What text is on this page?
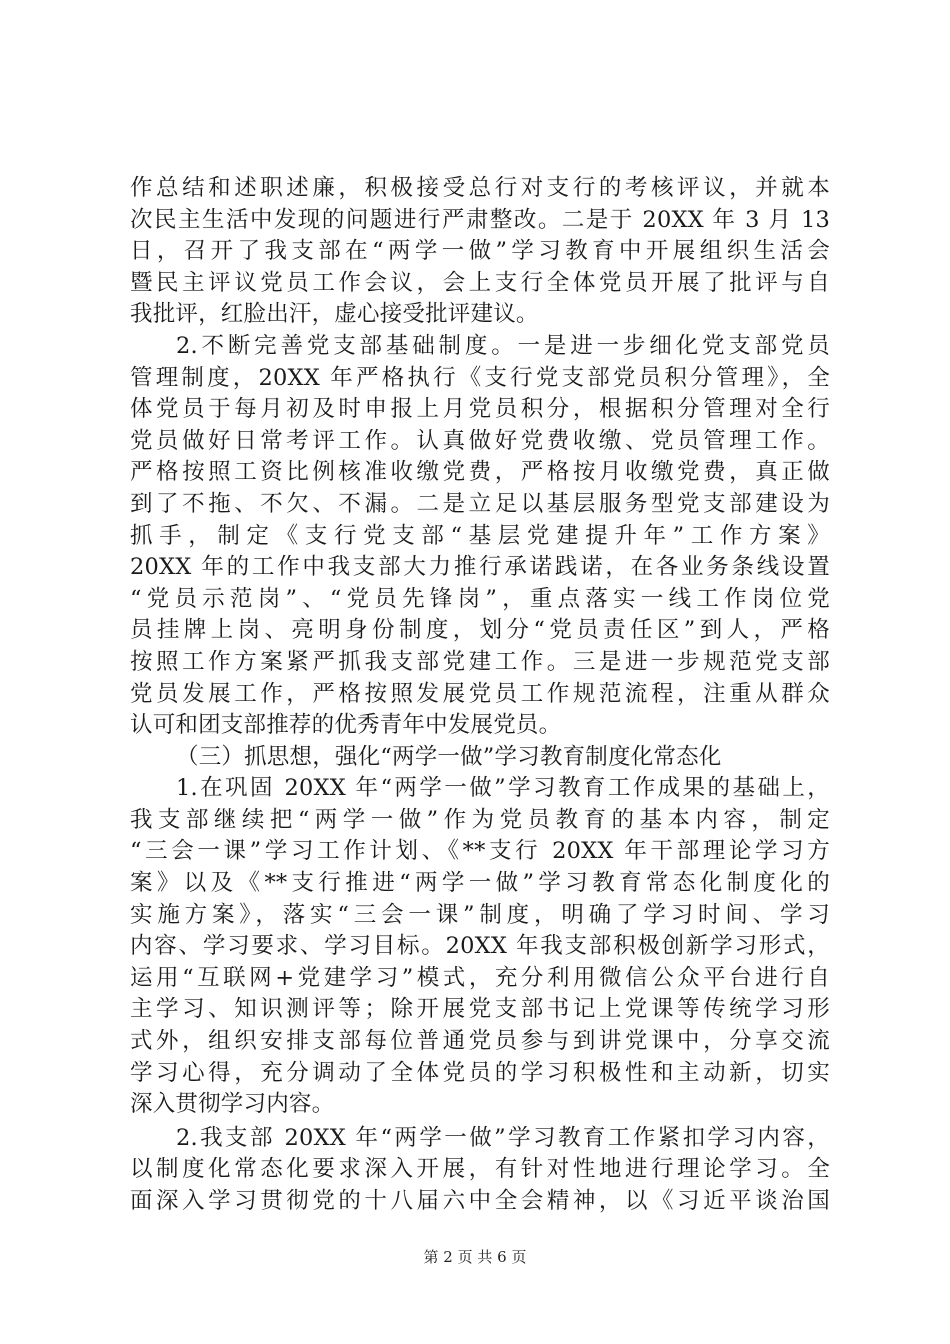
作总结和述职述廉，积极接受总行对支行的考核评议，并就本
次民主生活中发现的问题进行严肃整改。二是于 20XX 年 3 月 13
日，召开了我支部在“两学一做”学习教育中开展组织生活会
暨民主评议党员工作会议，会上支行全体党员开展了批评与自
我批评，红脸出汗，虚心接受批评建议。
2.不断完善党支部基础制度。一是进一步细化党支部党员
管理制度，20XX 年严格执行《支行党支部党员积分管理》，全
体党员于每月初及时申报上月党员积分，根据积分管理对全行
党员做好日常考评工作。认真做好党费收缴、党员管理工作。
严格按照工资比例核准收缴党费，严格按月收缴党费，真正做
到了不拖、不欠、不漏。二是立足以基层服务型党支部建设为
抓手，制定《支行党支部“基层党建提升年”工作方案》
20XX 年的工作中我支部大力推行承诺践诺，在各业务条线设置
“党员示范岗”、“党员先锋岗”，重点落实一线工作岗位党
员挂牌上岗、亮明身份制度，划分“党员责任区”到人，严格
按照工作方案紧严抓我支部党建工作。三是进一步规范党支部
党员发展工作，严格按照发展党员工作规范流程，注重从群众
认可和团支部推荐的优秀青年中发展党员。
（三）抓思想，强化“两学一做”学习教育制度化常态化
1.在巩固 20XX 年“两学一做”学习教育工作成果的基础上，
我支部继续把“两学一做”作为党员教育的基本内容，制定
“三会一课”学习工作计划、《**支行 20XX 年干部理论学习方
案》以及《**支行推进“两学一做”学习教育常态化制度化的
实施方案》，落实“三会一课”制度，明确了学习时间、学习
内容、学习要求、学习目标。20XX 年我支部积极创新学习形式，
运用“互联网+党建学习”模式，充分利用微信公众平台进行自
主学习、知识测评等；除开展党支部书记上党课等传统学习形
式外，组织安排支部每位普通党员参与到讲党课中，分享交流
学习心得，充分调动了全体党员的学习积极性和主动新，切实
深入贯彻学习内容。
2.我支部 20XX 年“两学一做”学习教育工作紧扣学习内容，
以制度化常态化要求深入开展，有针对性地进行理论学习。全
面深入学习贯彻党的十八届六中全会精神，以《习近平谈治国
第 2 页 共 6 页
